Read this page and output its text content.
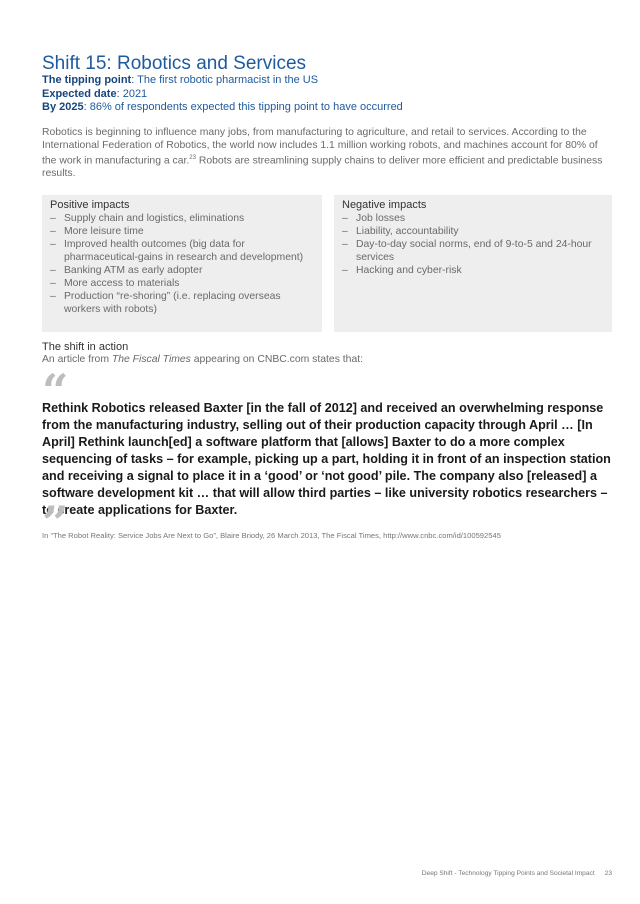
Shift 15: Robotics and Services
The tipping point: The first robotic pharmacist in the US
Expected date: 2021
By 2025: 86% of respondents expected this tipping point to have occurred

Robotics is beginning to influence many jobs, from manufacturing to agriculture, and retail to services. According to the International Federation of Robotics, the world now includes 1.1 million working robots, and machines account for 80% of the work in manufacturing a car.$^{23}$ Robots are streamlining supply chains to deliver more efficient and predictable business results.

Positive impacts
– Supply chain and logistics, eliminations
– More leisure time
– Improved health outcomes (big data for pharmaceutical-gains in research and development)
– Banking ATM as early adopter
– More access to materials
– Production “re-shoring” (i.e. replacing overseas workers with robots)
Negative impacts
– Job losses
– Liability, accountability
– Day-to-day social norms, end of 9-to-5 and 24-hour services
– Hacking and cyber-risk
The shift in action
An article from The Fiscal Times appearing on CNBC.com states that:
“

Rethink Robotics released Baxter [in the fall of 2012] and received an overwhelming response from the manufacturing industry, selling out of their production capacity through April … [In April] Rethink launch[ed] a software platform that [allows] Baxter to do a more complex sequencing of tasks – for example, picking up a part, holding it in front of an inspection station and receiving a signal to place it in a ‘good’ or ‘not good’ pile. The company also [released] a software development kit … that will allow third parties – like university robotics researchers – to create applications for Baxter.

”
In “The Robot Reality: Service Jobs Are Next to Go”, Blaire Briody, 26 March 2013, The Fiscal Times, http://www.cnbc.com/id/100592545
Deep Shift - Technology Tipping Points and Societal Impact 23
